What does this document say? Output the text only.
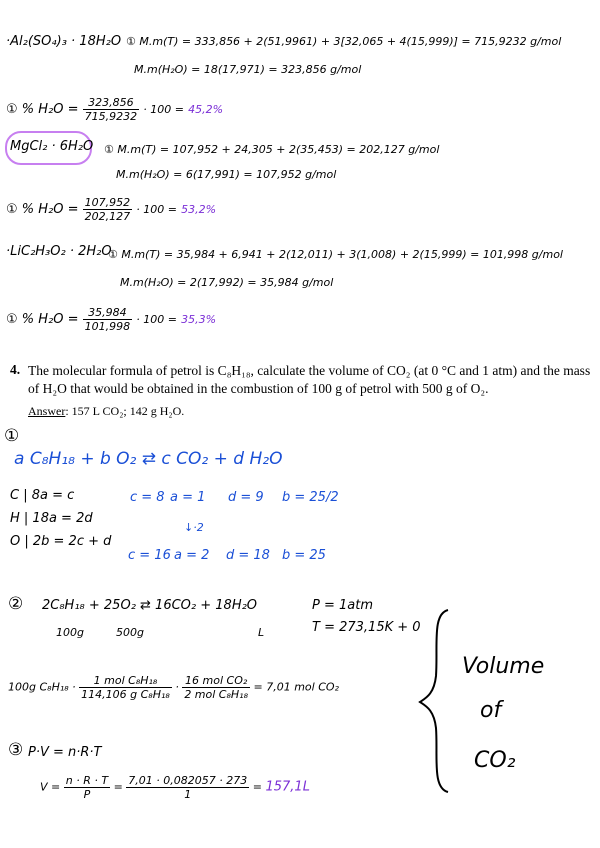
·Al₂(SO₄)₃ · 18H₂O ① M.m(T) = 333,856 + 2(51,9961) + 3[32,065 + 4(15,999)] = 715,9232 g/mol
M.m(H₂O) = 18(17,971) = 323,856 g/mol
① % $H_2O = \frac{323,856}{715,9232} \cdot 100 = 45,2\%$
MgCl₂ · 6H₂O ① M.m(T) = 107,952 + 24,305 + 2(35,453) = 202,127 g/mol
M.m(H₂O) = 6(17,991) = 107,952 g/mol
① % $H_2O = \frac{107,952}{202,127} \cdot 100 = 53,2\%$
·LiC₂H₃O₂ · 2H₂O
① M.m(T) = 35,984 + 6,941 + 2(12,011) + 3(1,008) + 2(15,999) = 101,998 g/mol
M.m(H₂O) = 2(17,992) = 35,984 g/mol
① % $H_2O = \frac{35,984}{101,998} \cdot 100 = 35,3\%$
4. The molecular formula of petrol is C₈H₁₈, calculate the volume of CO₂ (at 0 °C and 1 atm) and the mass of H₂O that would be obtained in the combustion of 100 g of petrol with 500 g of O₂.
Answer: 157 L CO₂; 142 g H₂O.
①
a C₈H₁₈ + b O₂ ⇄ c CO₂ + d H₂O
C | 8a = c
H | 18a = 2d
O | 2b = 2c + d
c = 8 a = 1 d = 9 b = 25/2
↓·2
c = 16 a = 2 d = 18 b = 25
② 2C₈H₁₈ + 25O₂ ⇄ 16CO₂ + 18H₂O
100g	500g	L
P = 1atm
T = 273,15K + 0
100g $C_8H_{18} \cdot \frac{\text{1 mol C₈H₁₈}}{\text{114,106 g C₈H₁₈}} \cdot \frac{\text{16 mol CO₂}}{\text{2 mol C₈H₁₈}} = 7,01$ mol CO₂
Volume
of
CO₂
③ P·V = n·R·T
$V = \frac{n \cdot R \cdot T}{P} = \frac{7,01 \cdot 0,082057 \cdot 273}{1} = 157,1L$
